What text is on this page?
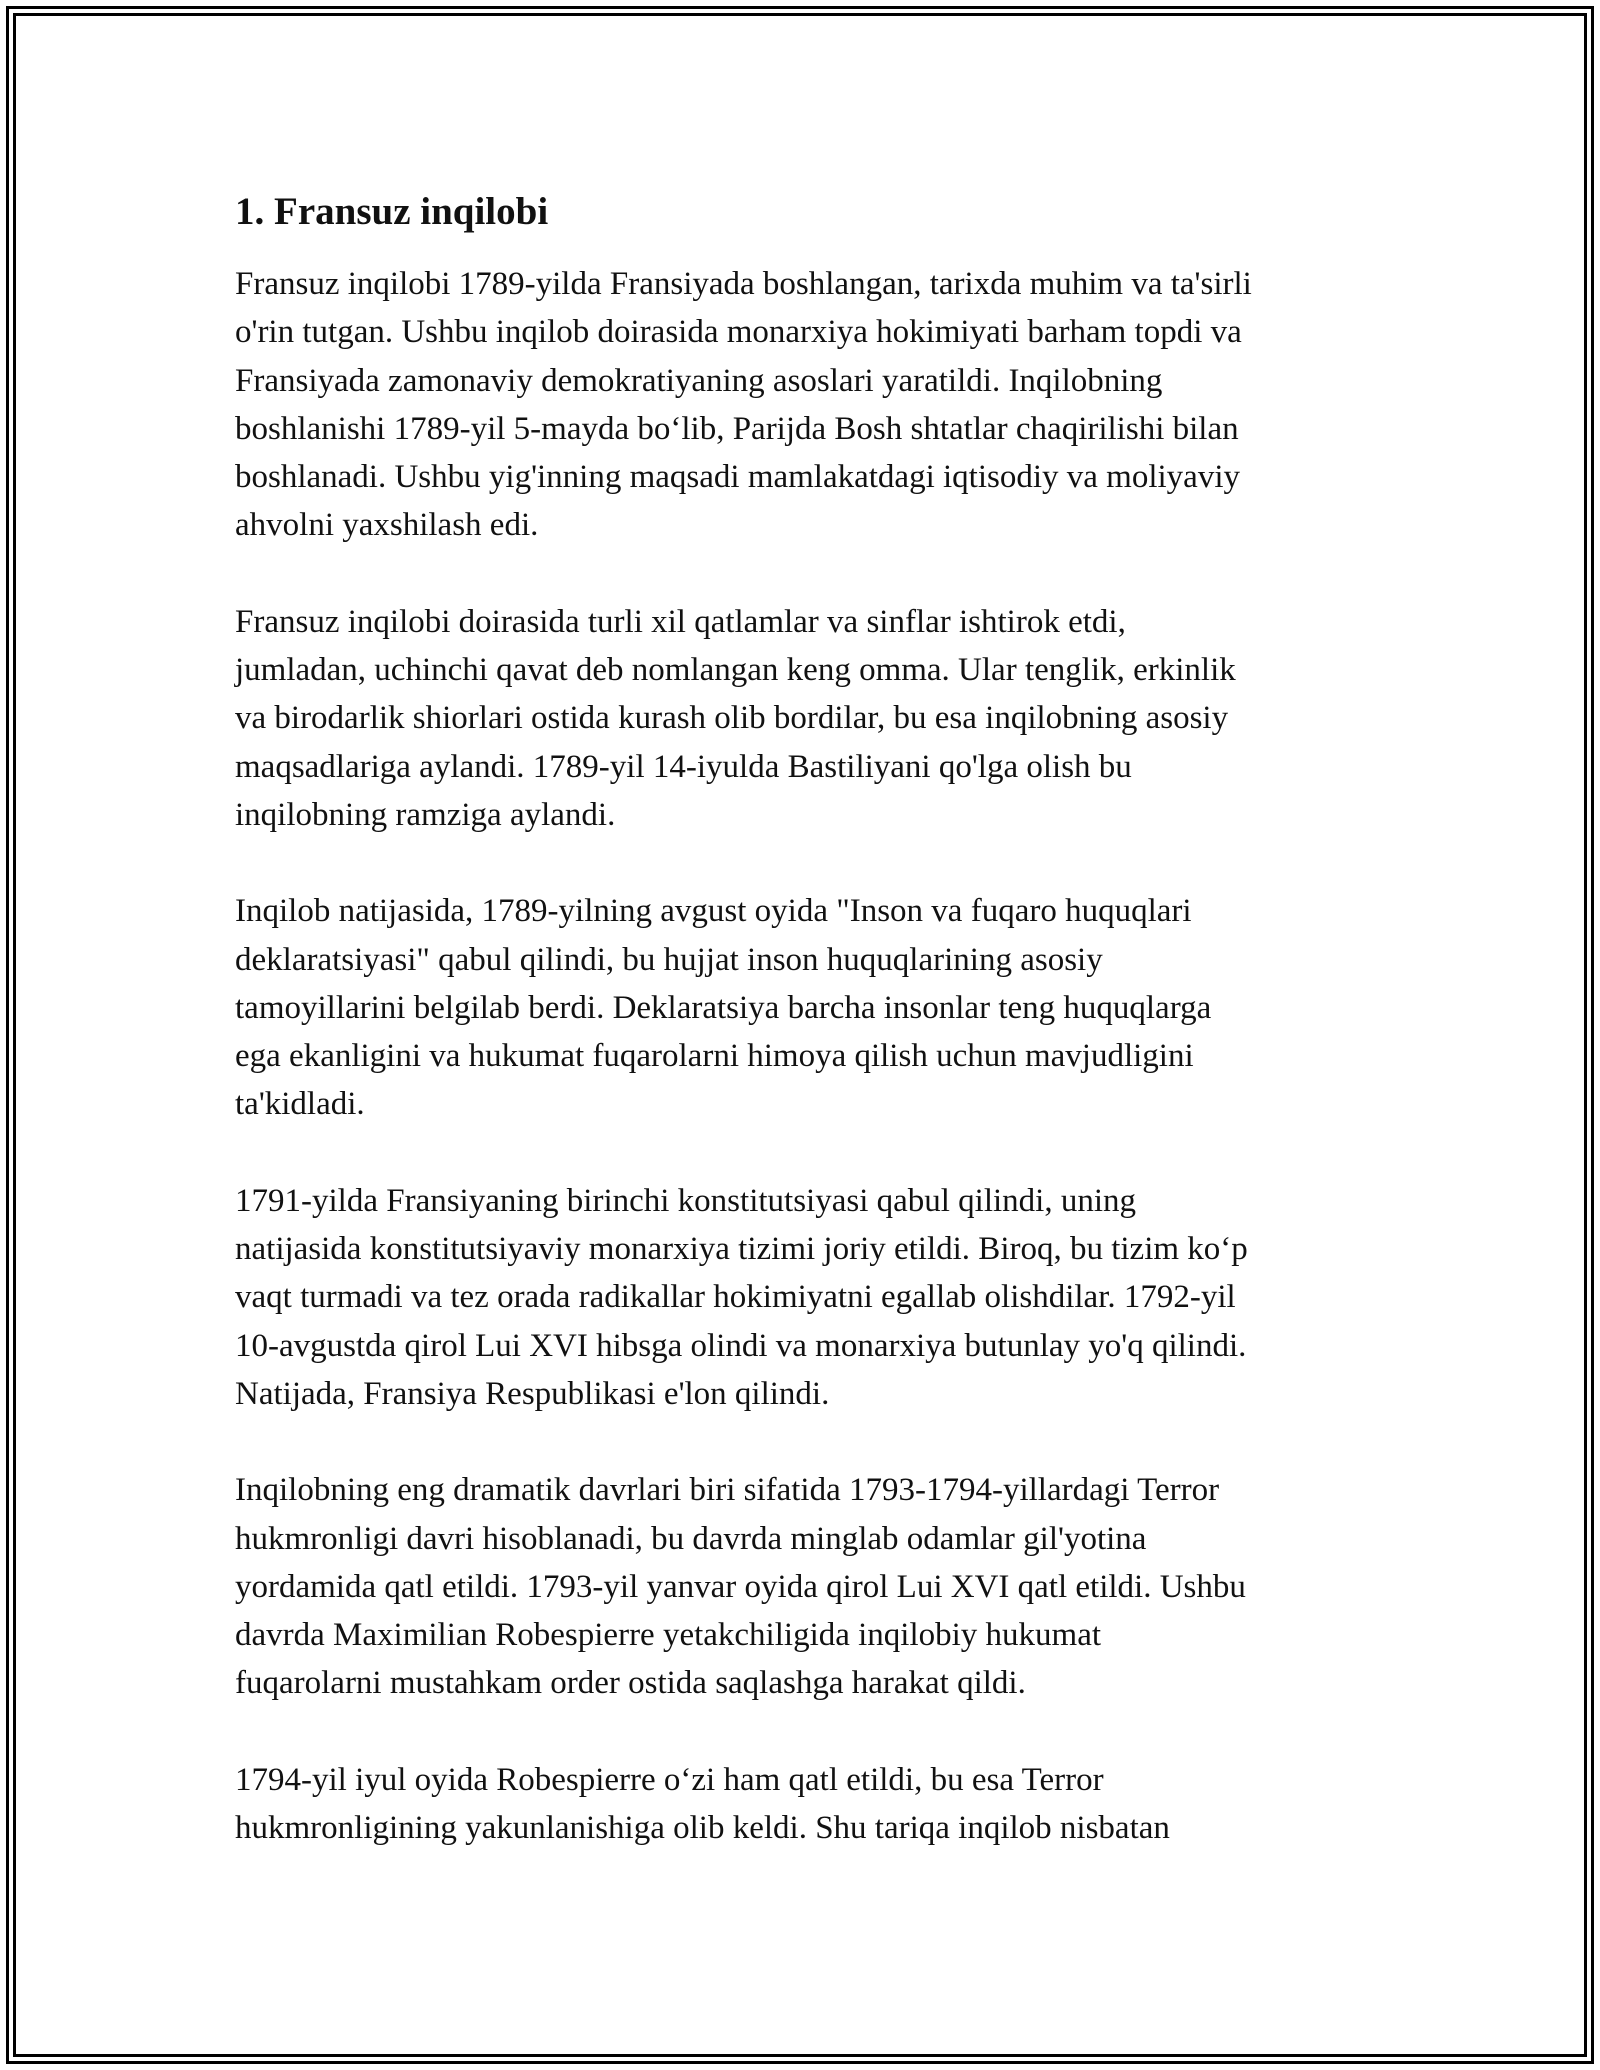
1. Fransuz inqilobi

Fransuz inqilobi 1789-yilda Fransiyada boshlangan, tarixda muhim va ta'sirli
o'rin tutgan. Ushbu inqilob doirasida monarxiya hokimiyati barham topdi va
Fransiyada zamonaviy demokratiyaning asoslari yaratildi. Inqilobning
boshlanishi 1789-yil 5-mayda bo‘lib, Parijda Bosh shtatlar chaqirilishi bilan
boshlanadi. Ushbu yig'inning maqsadi mamlakatdagi iqtisodiy va moliyaviy
ahvolni yaxshilash edi.

Fransuz inqilobi doirasida turli xil qatlamlar va sinflar ishtirok etdi,
jumladan, uchinchi qavat deb nomlangan keng omma. Ular tenglik, erkinlik
va birodarlik shiorlari ostida kurash olib bordilar, bu esa inqilobning asosiy
maqsadlariga aylandi. 1789-yil 14-iyulda Bastiliyani qo'lga olish bu
inqilobning ramziga aylandi.

Inqilob natijasida, 1789-yilning avgust oyida "Inson va fuqaro huquqlari
deklaratsiyasi" qabul qilindi, bu hujjat inson huquqlarining asosiy
tamoyillarini belgilab berdi. Deklaratsiya barcha insonlar teng huquqlarga
ega ekanligini va hukumat fuqarolarni himoya qilish uchun mavjudligini
ta'kidladi.

1791-yilda Fransiyaning birinchi konstitutsiyasi qabul qilindi, uning
natijasida konstitutsiyaviy monarxiya tizimi joriy etildi. Biroq, bu tizim ko‘p
vaqt turmadi va tez orada radikallar hokimiyatni egallab olishdilar. 1792-yil
10-avgustda qirol Lui XVI hibsga olindi va monarxiya butunlay yo'q qilindi.
Natijada, Fransiya Respublikasi e'lon qilindi.

Inqilobning eng dramatik davrlari biri sifatida 1793-1794-yillardagi Terror
hukmronligi davri hisoblanadi, bu davrda minglab odamlar gil'yotina
yordamida qatl etildi. 1793-yil yanvar oyida qirol Lui XVI qatl etildi. Ushbu
davrda Maximilian Robespierre yetakchiligida inqilobiy hukumat
fuqarolarni mustahkam order ostida saqlashga harakat qildi.

1794-yil iyul oyida Robespierre o‘zi ham qatl etildi, bu esa Terror
hukmronligining yakunlanishiga olib keldi. Shu tariqa inqilob nisbatan
